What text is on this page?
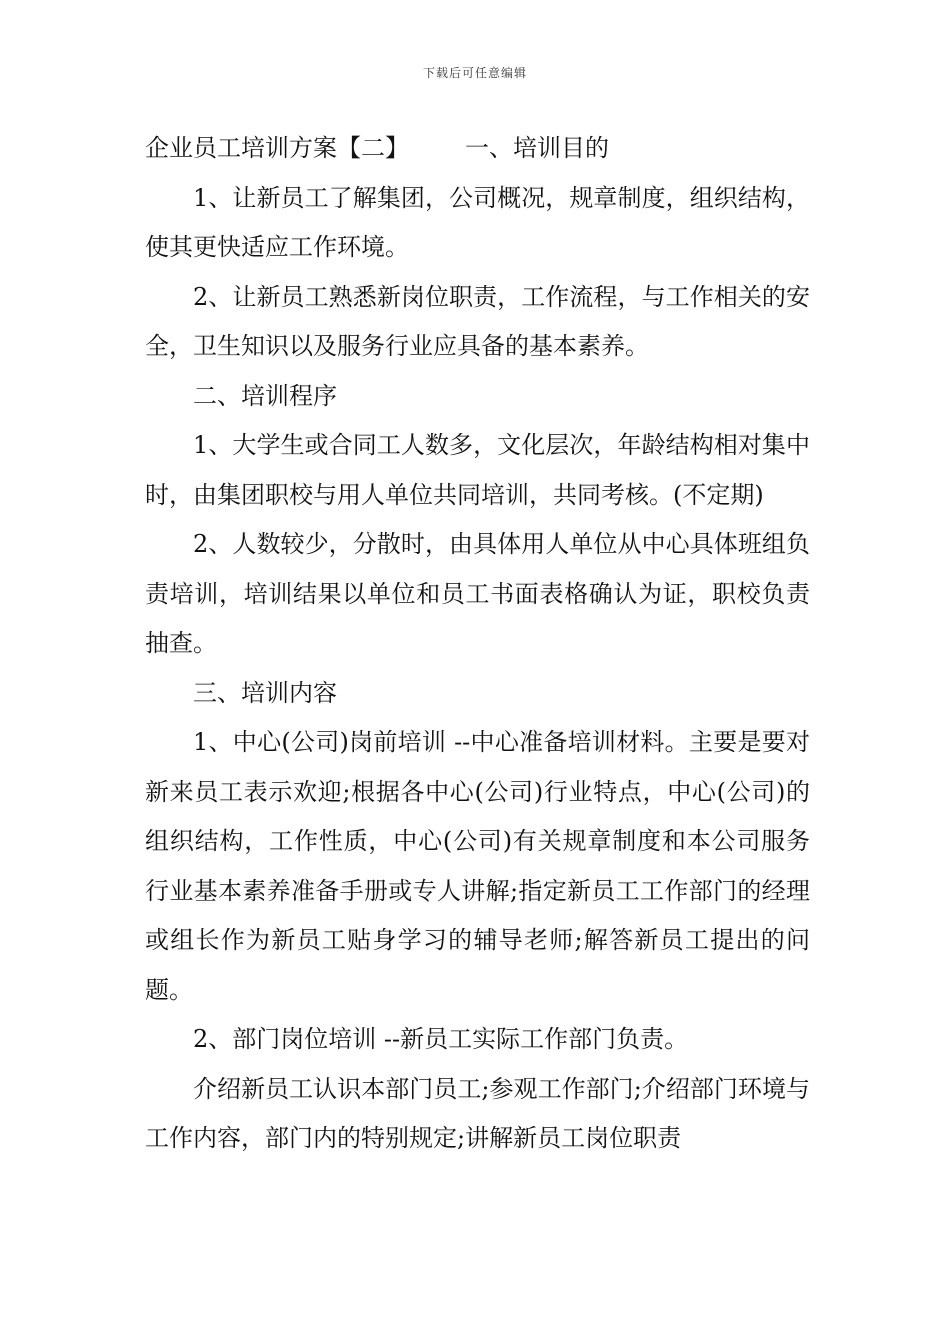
下载后可任意编辑

企业员工培训方案【二】 一、培训目的

1、让新员工了解集团，公司概况，规章制度，组织结构，使其更快适应工作环境。

2、让新员工熟悉新岗位职责，工作流程，与工作相关的安全，卫生知识以及服务行业应具备的基本素养。

二、培训程序

1、大学生或合同工人数多，文化层次，年龄结构相对集中时，由集团职校与用人单位共同培训，共同考核。(不定期)

2、人数较少，分散时，由具体用人单位从中心具体班组负责培训，培训结果以单位和员工书面表格确认为证，职校负责抽查。

三、培训内容

1、中心(公司)岗前培训 --中心准备培训材料。主要是要对新来员工表示欢迎;根据各中心(公司)行业特点，中心(公司)的组织结构，工作性质，中心(公司)有关规章制度和本公司服务行业基本素养准备手册或专人讲解;指定新员工工作部门的经理或组长作为新员工贴身学习的辅导老师;解答新员工提出的问题。

2、部门岗位培训 --新员工实际工作部门负责。

介绍新员工认识本部门员工;参观工作部门;介绍部门环境与工作内容，部门内的特别规定;讲解新员工岗位职责
